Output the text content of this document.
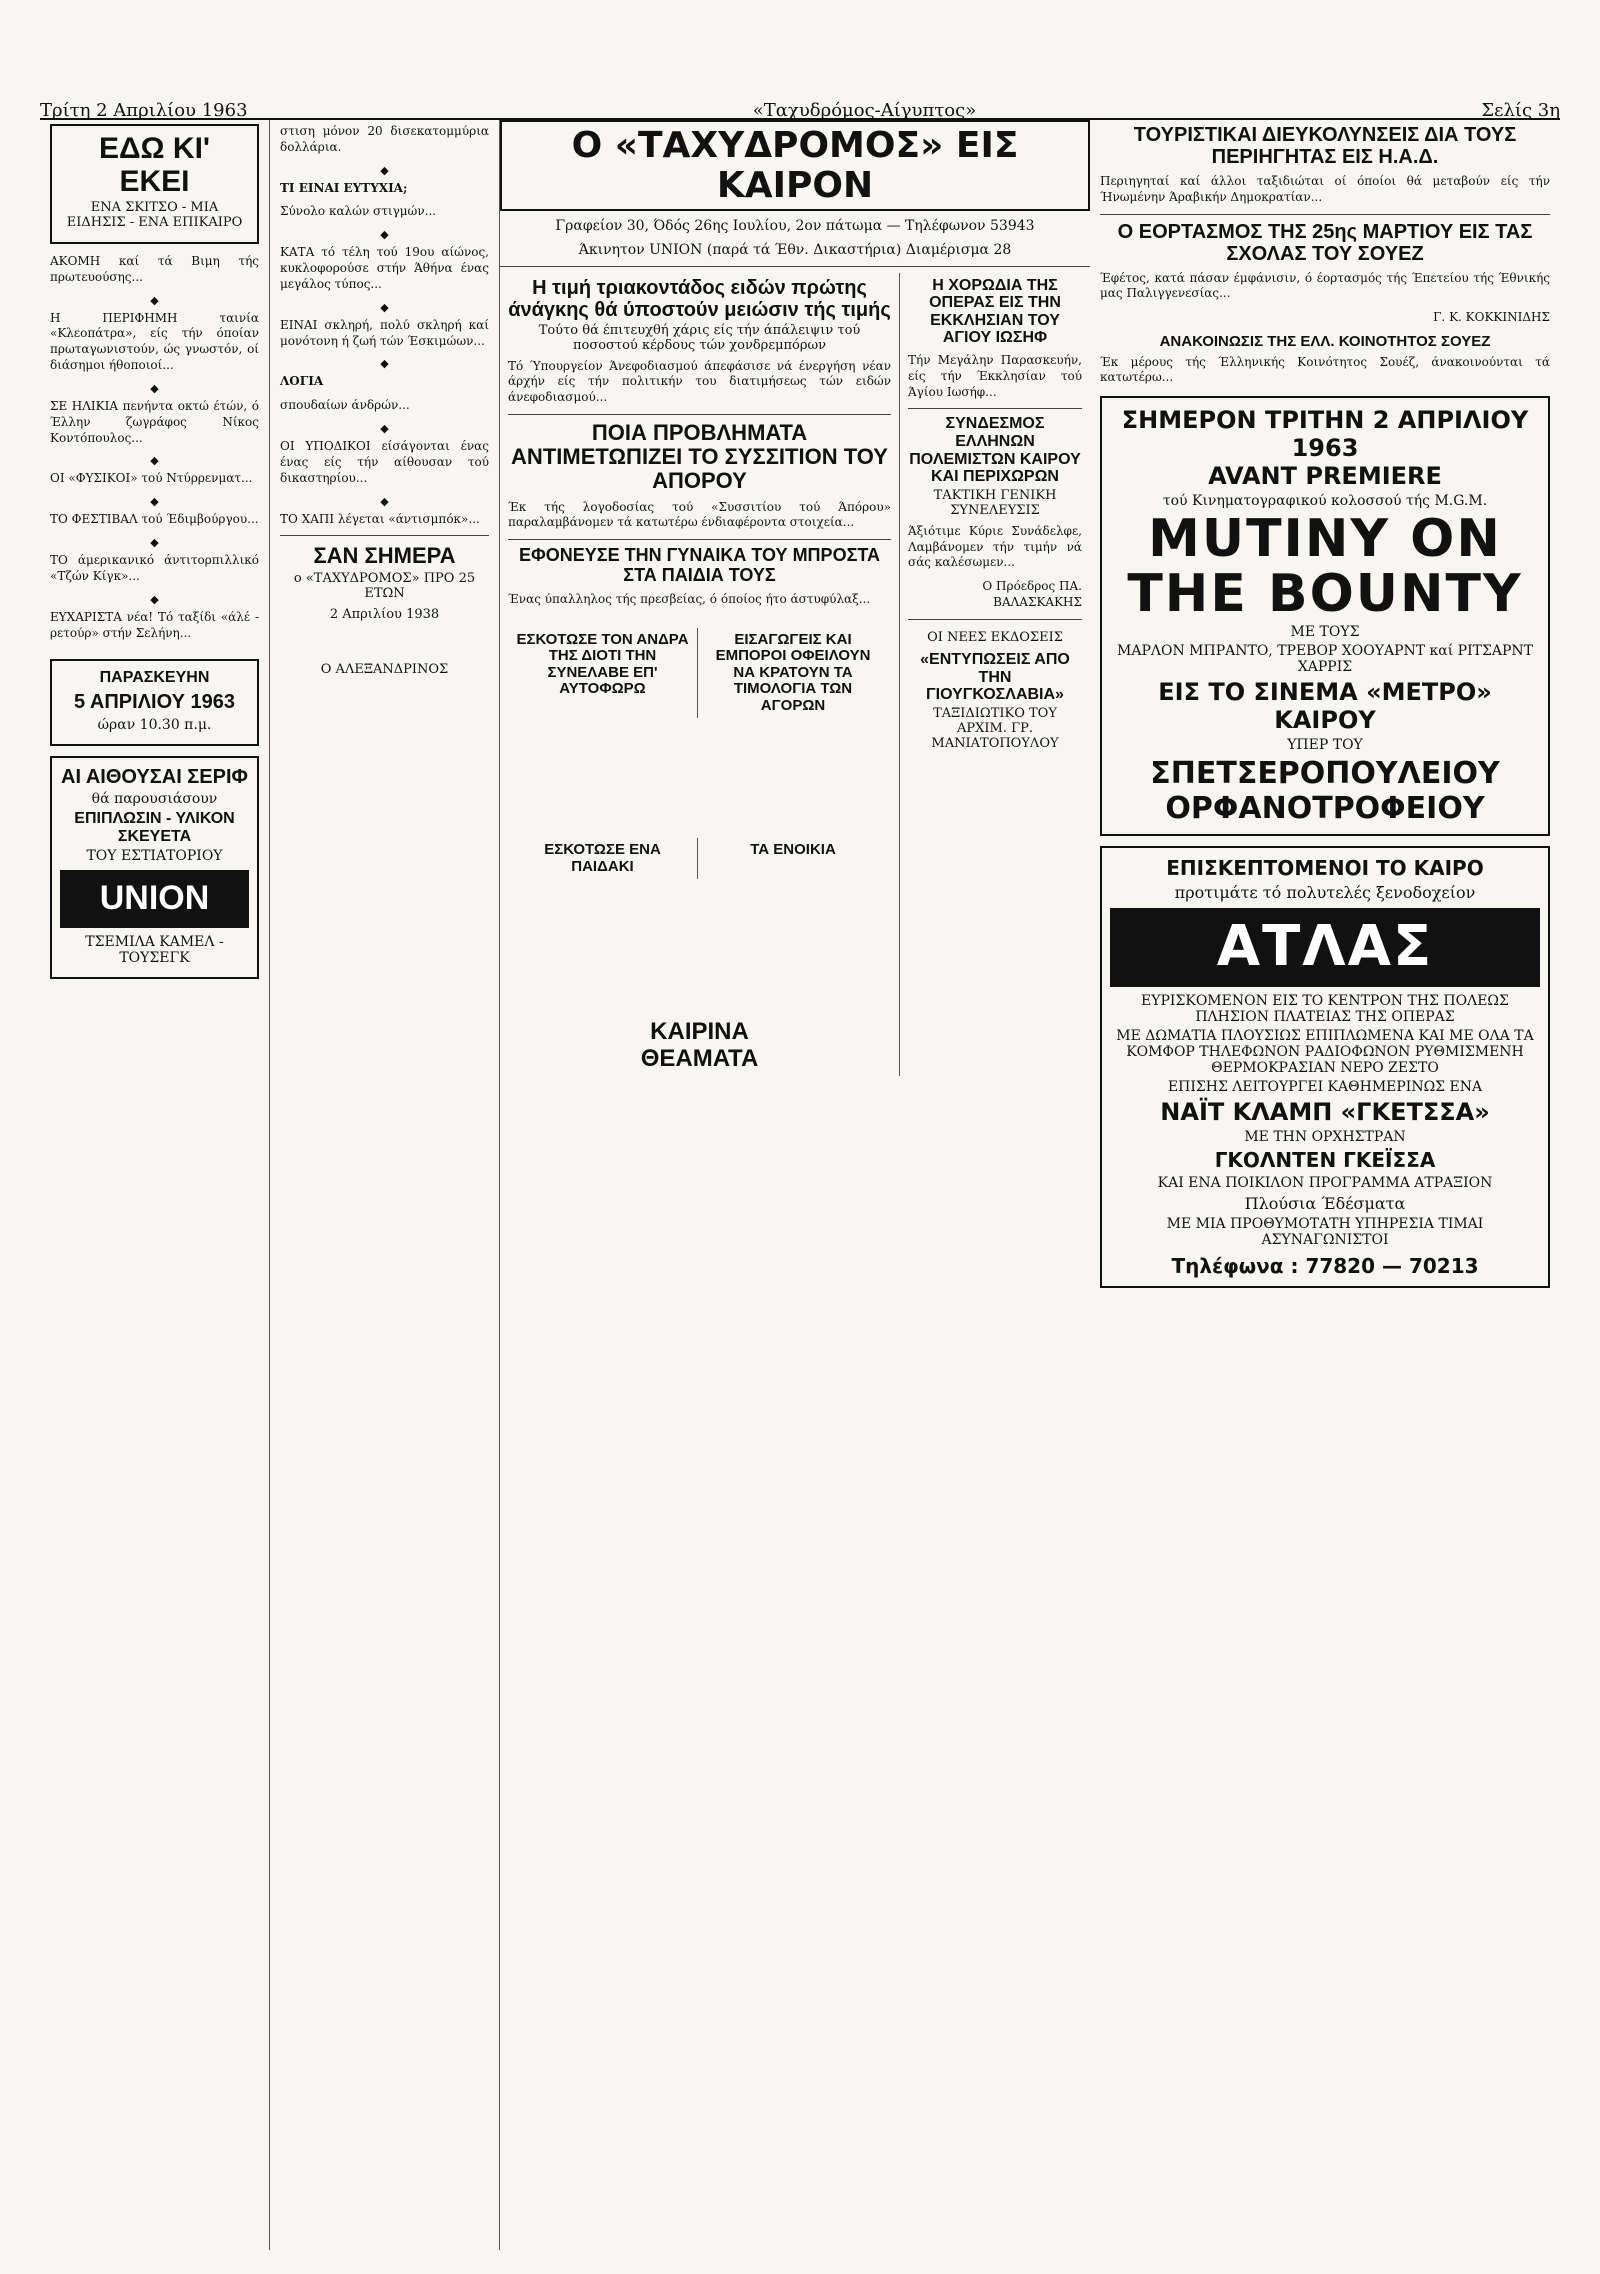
Τρίτη 2 Απριλίου 1963	«Ταχυδρόμος-Αίγυπτος»	Σελίς 3η
ΕΔΩ ΚΙ' ΕΚΕΙ
ΕΝΑ ΣΚΙΤΣΟ - ΜΙΑ ΕΙΔΗΣΙΣ - ΕΝΑ ΕΠΙΚΑΙΡΟ

ΑΚΟΜΗ καί τά Βιμη τής πρωτευούσης...

◆

Η ΠΕΡΙΦΗΜΗ ταινία «Κλεοπάτρα», είς τήν όποίαν πρωταγωνιστούν, ώς γνωστόν, οί διάσημοι ήθοποιοί...

◆

ΣΕ ΗΛΙΚΙΑ πενήντα οκτώ έτών, ό Έλλην ζωγράφος Νίκος Κοντόπουλος...

◆

ΟΙ «ΦΥΣΙΚΟΙ» τού Ντύρρενματ...

◆

ΤΟ ΦΕΣΤΙΒΑΛ τού Έδιμβούργου...

◆

ΤΟ άμερικανικό άντιτορπιλλικό «Τζών Κίγκ»...

◆

ΕΥΧΑΡΙΣΤΑ νέα! Τό ταξίδι «άλέ - ρετούρ» στήν Σελήνη...

ΠΑΡΑΣΚΕΥΗΝ
5 ΑΠΡΙΛΙΟΥ 1963
ώραν 10.30 π.μ.
ΑΙ ΑΙΘΟΥΣΑΙ ΣΕΡΙΦ
θά παρουσιάσουν
ΕΠΙΠΛΩΣΙΝ - ΥΛΙΚΟΝ
ΣΚΕΥΕΤΑ
ΤΟΥ ΕΣΤΙΑΤΟΡΙΟΥ
UNION
ΤΣΕΜΙΛΑ ΚΑΜΕΛ - ΤΟΥΣΕΓΚ

στιση μόνον 20 δισεκατομμύρια δολλάρια.

◆

ΤΙ ΕΙΝΑΙ ΕΥΤΥΧΙΑ;

Σύνολο καλών στιγμών...

◆

ΚΑΤΑ τό τέλη τού 19ου αίώνος, κυκλοφορούσε στήν Άθήνα ένας μεγάλος τύπος...

◆

ΕΙΝΑΙ σκληρή, πολύ σκληρή καί μονότονη ή ζωή τών Έσκιμώων...

◆

ΛΟΓΙΑ

σπουδαίων άνδρών...

◆

ΟΙ ΥΠΟΔΙΚΟΙ είσάγονται ένας ένας είς τήν αίθουσαν τού δικαστηρίου...

◆

ΤΟ ΧΑΠΙ λέγεται «άντισμπόκ»...

ΣΑΝ ΣΗΜΕΡΑ
ο «ΤΑΧΥΔΡΟΜΟΣ» ΠΡΟ 25 ΕΤΩΝ
2 Απριλίου 1938
Ο ΑΛΕΞΑΝΔΡΙΝΟΣ
Ο «ΤΑΧΥΔΡΟΜΟΣ» ΕΙΣ ΚΑΙΡΟΝ
Γραφείον 30, Όδός 26ης Ιουλίου, 2ον πάτωμα — Τηλέφωνον 53943
Άκινητον UNION (παρά τά Έθν. Δικαστήρια) Διαμέρισμα 28
Η τιμή τριακοντάδος ειδών πρώτης άνάγκης θά ύποστούν μειώσιν τής τιμής
Τούτο θά έπιτευχθή χάρις είς τήν άπάλειψιν τού ποσοστού κέρδους τών χονδρεμπόρων

Τό Ύπουργείον Άνεφοδιασμού άπεφάσισε νά ένεργήση νέαν άρχήν είς τήν πολιτικήν του διατιμήσεως τών ειδών άνεφοδιασμού...

ΠΟΙΑ ΠΡΟΒΛΗΜΑΤΑ ΑΝΤΙΜΕΤΩΠΙΖΕΙ ΤΟ ΣΥΣΣΙΤΙΟΝ ΤΟΥ ΑΠΟΡΟΥ

Έκ τής λογοδοσίας τού «Συσσιτίου τού Άπόρου» παραλαμβάνομεν τά κατωτέρω ένδιαφέροντα στοιχεία...

ΕΦΟΝΕΥΣΕ ΤΗΝ ΓΥΝΑΙΚΑ ΤΟΥ ΜΠΡΟΣΤΑ ΣΤΑ ΠΑΙΔΙΑ ΤΟΥΣ

Ένας ύπαλληλος τής πρεσβείας, ό όποίος ήτο άστυφύλαξ...

ΕΣΚΟΤΩΣΕ ΤΟΝ ΑΝΔΡΑ ΤΗΣ ΔΙΟΤΙ ΤΗΝ ΣΥΝΕΛΑΒΕ ΕΠ' ΑΥΤΟΦΩΡΩ
ΕΙΣΑΓΩΓΕΙΣ ΚΑΙ ΕΜΠΟΡΟΙ ΟΦΕΙΛΟΥΝ ΝΑ ΚΡΑΤΟΥΝ ΤΑ ΤΙΜΟΛΟΓΙΑ ΤΩΝ ΑΓΟΡΩΝ
ΕΣΚΟΤΩΣΕ ΕΝΑ ΠΑΙΔΑΚΙ
ΤΑ ΕΝΟΙΚΙΑ
ΚΑΙΡΙΝΑ
ΘΕΑΜΑΤΑ
Η ΧΟΡΩΔΙΑ ΤΗΣ ΟΠΕΡΑΣ ΕΙΣ ΤΗΝ ΕΚΚΛΗΣΙΑΝ ΤΟΥ ΑΓΙΟΥ ΙΩΣΗΦ

Τήν Μεγάλην Παρασκευήν, είς τήν Έκκλησίαν τού Άγίου Ιωσήφ...

ΣΥΝΔΕΣΜΟΣ ΕΛΛΗΝΩΝ ΠΟΛΕΜΙΣΤΩΝ ΚΑΙΡΟΥ ΚΑΙ ΠΕΡΙΧΩΡΩΝ
ΤΑΚΤΙΚΗ ΓΕΝΙΚΗ ΣΥΝΕΛΕΥΣΙΣ

Άξιότιμε Κύριε Συνάδελφε, Λαμβάνομεν τήν τιμήν νά σάς καλέσωμεν...

Ο Πρόεδρος ΠΑ. ΒΑΛΑΣΚΑΚΗΣ

ΟΙ ΝΕΕΣ ΕΚΔΟΣΕΙΣ
«ΕΝΤΥΠΩΣΕΙΣ ΑΠΟ ΤΗΝ ΓΙΟΥΓΚΟΣΛΑΒΙΑ»
ΤΑΞΙΔΙΩΤΙΚΟ ΤΟΥ ΑΡΧΙΜ. ΓΡ. ΜΑΝΙΑΤΟΠΟΥΛΟΥ
ΤΟΥΡΙΣΤΙΚΑΙ ΔΙΕΥΚΟΛΥΝΣΕΙΣ ΔΙΑ ΤΟΥΣ ΠΕΡΙΗΓΗΤΑΣ ΕΙΣ Η.Α.Δ.

Περιηγηταί καί άλλοι ταξιδιώται οί όποίοι θά μεταβούν είς τήν Ήνωμένην Άραβικήν Δημοκρατίαν...

Ο ΕΟΡΤΑΣΜΟΣ ΤΗΣ 25ης ΜΑΡΤΙΟΥ ΕΙΣ ΤΑΣ ΣΧΟΛΑΣ ΤΟΥ ΣΟΥΕΖ

Έφέτος, κατά πάσαν έμφάνισιν, ό έορτασμός τής Έπετείου τής Έθνικής μας Παλιγγενεσίας...

Γ. Κ. ΚΟΚΚΙΝΙΔΗΣ

ΑΝΑΚΟΙΝΩΣΙΣ ΤΗΣ ΕΛΛ. ΚΟΙΝΟΤΗΤΟΣ ΣΟΥΕΖ

Έκ μέρους τής Έλληνικής Κοινότητος Σουέζ, άνακοινούνται τά κατωτέρω...

ΣΗΜΕΡΟΝ ΤΡΙΤΗΝ 2 ΑΠΡΙΛΙΟΥ 1963
AVANT PREMIERE
τού Κινηματογραφικού κολοσσού τής M.G.M.
MUTINY ON
THE BOUNTY
ΜΕ ΤΟΥΣ
ΜΑΡΛΟΝ ΜΠΡΑΝΤΟ, ΤΡΕΒΟΡ ΧΟΟΥΑΡΝΤ καί ΡΙΤΣΑΡΝΤ ΧΑΡΡΙΣ
ΕΙΣ ΤΟ ΣΙΝΕΜΑ «ΜΕΤΡΟ»
ΚΑΙΡΟΥ
ΥΠΕΡ ΤΟΥ
ΣΠΕΤΣΕΡΟΠΟΥΛΕΙΟΥ
ΟΡΦΑΝΟΤΡΟΦΕΙΟΥ
ΕΠΙΣΚΕΠΤΟΜΕΝΟΙ ΤΟ ΚΑΙΡΟ
προτιμάτε τό πολυτελές ξενοδοχείον
ΑΤΛΑΣ
ΕΥΡΙΣΚΟΜΕΝΟΝ ΕΙΣ ΤΟ ΚΕΝΤΡΟΝ ΤΗΣ ΠΟΛΕΩΣ ΠΛΗΣΙΟΝ ΠΛΑΤΕΙΑΣ ΤΗΣ ΟΠΕΡΑΣ
ΜΕ ΔΩΜΑΤΙΑ ΠΛΟΥΣΙΩΣ ΕΠΙΠΛΩΜΕΝΑ ΚΑΙ ΜΕ ΟΛΑ ΤΑ ΚΟΜΦΟΡ ΤΗΛΕΦΩΝΟΝ ΡΑΔΙΟΦΩΝΟΝ ΡΥΘΜΙΣΜΕΝΗ ΘΕΡΜΟΚΡΑΣΙΑΝ ΝΕΡΟ ΖΕΣΤΟ
ΕΠΙΣΗΣ ΛΕΙΤΟΥΡΓΕΙ ΚΑΘΗΜΕΡΙΝΩΣ ΕΝΑ
ΝΑΪΤ ΚΛΑΜΠ «ΓΚΕΤΣΣΑ»
ΜΕ ΤΗΝ ΟΡΧΗΣΤΡΑΝ
ΓΚΟΛΝΤΕΝ ΓΚΕΪΣΣΑ
ΚΑΙ ΕΝΑ ΠΟΙΚΙΛΟΝ ΠΡΟΓΡΑΜΜΑ ΑΤΡΑΞΙΟΝ
Πλούσια Έδέσματα
ΜΕ ΜΙΑ ΠΡΟΘΥΜΟΤΑΤΗ ΥΠΗΡΕΣΙΑ ΤΙΜΑΙ ΑΣΥΝΑΓΩΝΙΣΤΟΙ
Τηλέφωνα : 77820 — 70213
